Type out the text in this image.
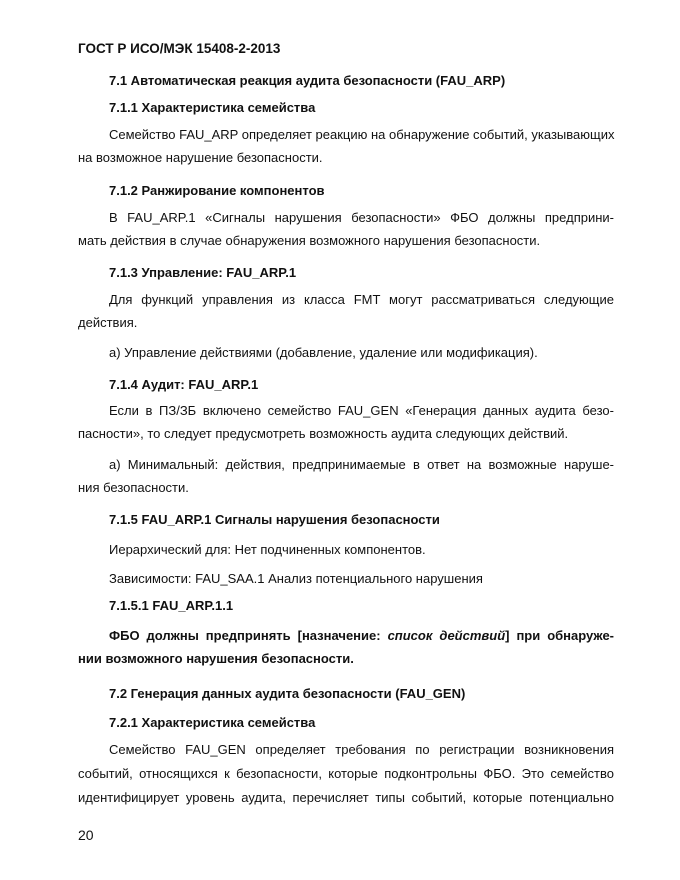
ГОСТ Р ИСО/МЭК 15408-2-2013
7.1 Автоматическая реакция аудита безопасности (FAU_ARP)
7.1.1 Характеристика семейства
Семейство FAU_ARP определяет реакцию на обнаружение событий, указывающих
на возможное нарушение безопасности.
7.1.2 Ранжирование компонентов
В FAU_ARP.1 «Сигналы нарушения безопасности» ФБО должны предприни-
мать действия в случае обнаружения возможного нарушения безопасности.
7.1.3 Управление: FAU_ARP.1
Для функций управления из класса FMT могут рассматриваться следующие
действия.
a) Управление действиями (добавление, удаление или модификация).
7.1.4 Аудит: FAU_ARP.1
Если в ПЗ/ЗБ включено семейство FAU_GEN «Генерация данных аудита безо-
пасности», то следует предусмотреть возможность аудита следующих действий.
a) Минимальный: действия, предпринимаемые в ответ на возможные наруше-
ния безопасности.
7.1.5 FAU_ARP.1 Сигналы нарушения безопасности
Иерархический для: Нет подчиненных компонентов.
Зависимости: FAU_SAA.1 Анализ потенциального нарушения
7.1.5.1 FAU_ARP.1.1
ФБО должны предпринять [назначение: список действий] при обнаруже-
нии возможного нарушения безопасности.
7.2 Генерация данных аудита безопасности (FAU_GEN)
7.2.1 Характеристика семейства
Семейство FAU_GEN определяет требования по регистрации возникновения
событий, относящихся к безопасности, которые подконтрольны ФБО. Это семейство
идентифицирует уровень аудита, перечисляет типы событий, которые потенциально
20
